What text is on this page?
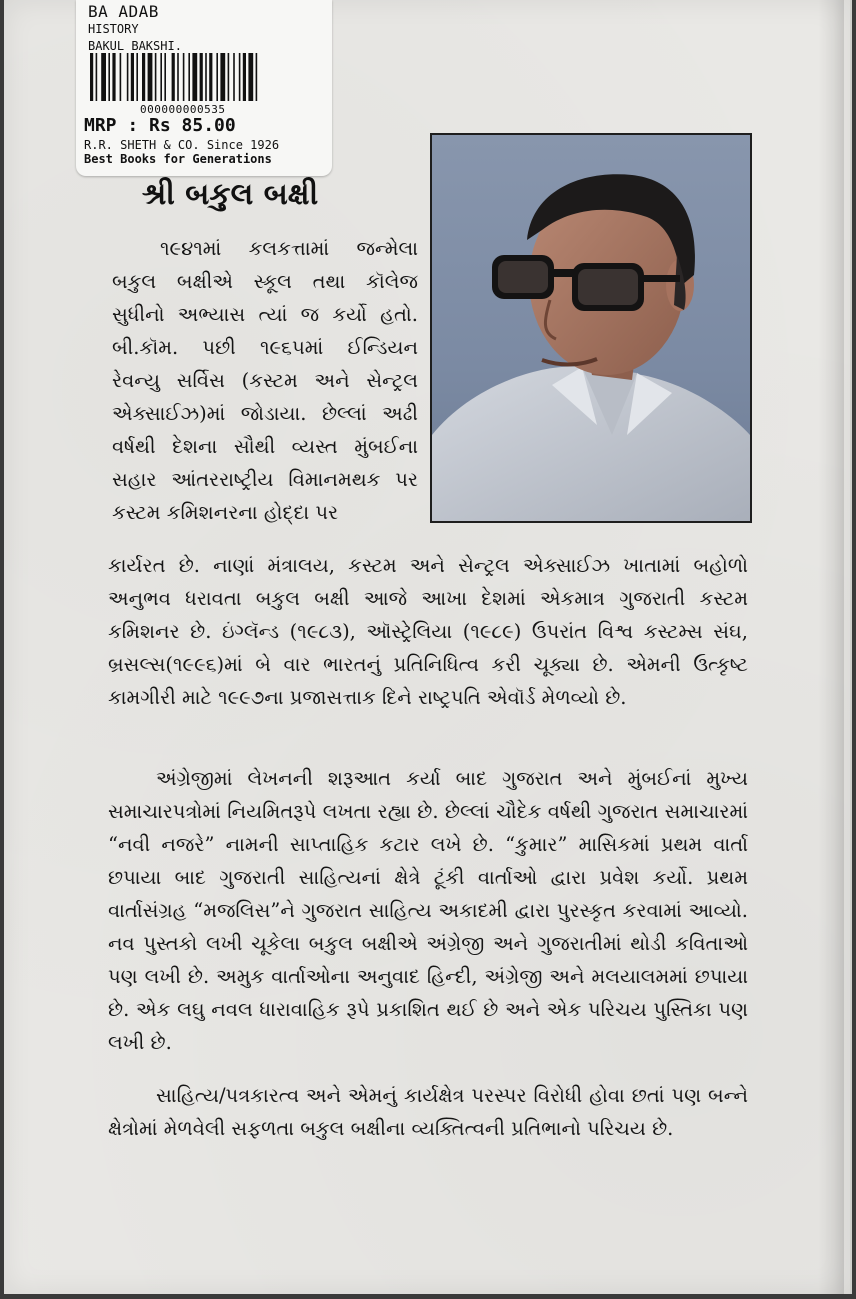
BA ADAB
HISTORY
BAKUL BAKSHI.
000000000535
MRP : Rs 85.00
R.R. SHETH & CO. Since 1926
Best Books for Generations
શ્રી બકુલ બક્ષી
૧૯૪૧માં કલકત્તામાં જન્મેલા બકુલ બક્ષીએ સ્કૂલ તથા કૉલેજ સુધીનો અભ્યાસ ત્યાં જ કર્યો હતો. બી.કૉમ. પછી ૧૯૬૫માં ઈન્ડિયન રેવન્યુ સર્વિસ (કસ્ટમ અને સેન્ટ્રલ એક્સાઈઝ)માં જોડાયા. છેલ્લાં અઢી વર્ષથી દેશના સૌથી વ્યસ્ત મુંબઈના સહાર આંતરરાષ્ટ્રીય વિમાનમથક પર કસ્ટમ કમિશનરના હોદ્દા પર
કાર્યરત છે. નાણાં મંત્રાલય, કસ્ટમ અને સેન્ટ્રલ એક્સાઈઝ ખાતામાં બહોળો અનુભવ ધરાવતા બકુલ બક્ષી આજે આખા દેશમાં એકમાત્ર ગુજરાતી કસ્ટમ કમિશનર છે. ઇંગ્લૅન્ડ (૧૯૮૩), ઑસ્ટ્રેલિયા (૧૯૮૯) ઉપરાંત વિશ્વ કસ્ટમ્સ સંઘ, બ્રસલ્સ(૧૯૯૬)માં બે વાર ભારતનું પ્રતિનિધિત્વ કરી ચૂક્યા છે. એમની ઉત્કૃષ્ટ કામગીરી માટે ૧૯૯૭ના પ્રજાસત્તાક દિને રાષ્ટ્રપતિ એવૉર્ડ મેળવ્યો છે.
અંગ્રેજીમાં લેખનની શરૂઆત કર્યા બાદ ગુજરાત અને મુંબઈનાં મુખ્ય સમાચારપત્રોમાં નિયમિતરૂપે લખતા રહ્યા છે. છેલ્લાં ચૌદેક વર્ષથી ગુજરાત સમાચારમાં “નવી નજરે” નામની સાપ્તાહિક કટાર લખે છે. “કુમાર” માસિકમાં પ્રથમ વાર્તા છપાયા બાદ ગુજરાતી સાહિત્યનાં ક્ષેત્રે ટૂંકી વાર્તાઓ દ્વારા પ્રવેશ કર્યો. પ્રથમ વાર્તાસંગ્રહ “મજલિસ”ને ગુજરાત સાહિત્ય અકાદમી દ્વારા પુરસ્કૃત કરવામાં આવ્યો. નવ પુસ્તકો લખી ચૂકેલા બકુલ બક્ષીએ અંગ્રેજી અને ગુજરાતીમાં થોડી કવિતાઓ પણ લખી છે. અમુક વાર્તાઓના અનુવાદ હિન્દી, અંગ્રેજી અને મલયાલમમાં છપાયા છે. એક લઘુ નવલ ધારાવાહિક રૂપે પ્રકાશિત થઈ છે અને એક પરિચય પુસ્તિકા પણ લખી છે.
સાહિત્ય/પત્રકારત્વ અને એમનું કાર્યક્ષેત્ર પરસ્પર વિરોધી હોવા છતાં પણ બન્ને ક્ષેત્રોમાં મેળવેલી સફળતા બકુલ બક્ષીના વ્યક્તિત્વની પ્રતિભાનો પરિચય છે.
